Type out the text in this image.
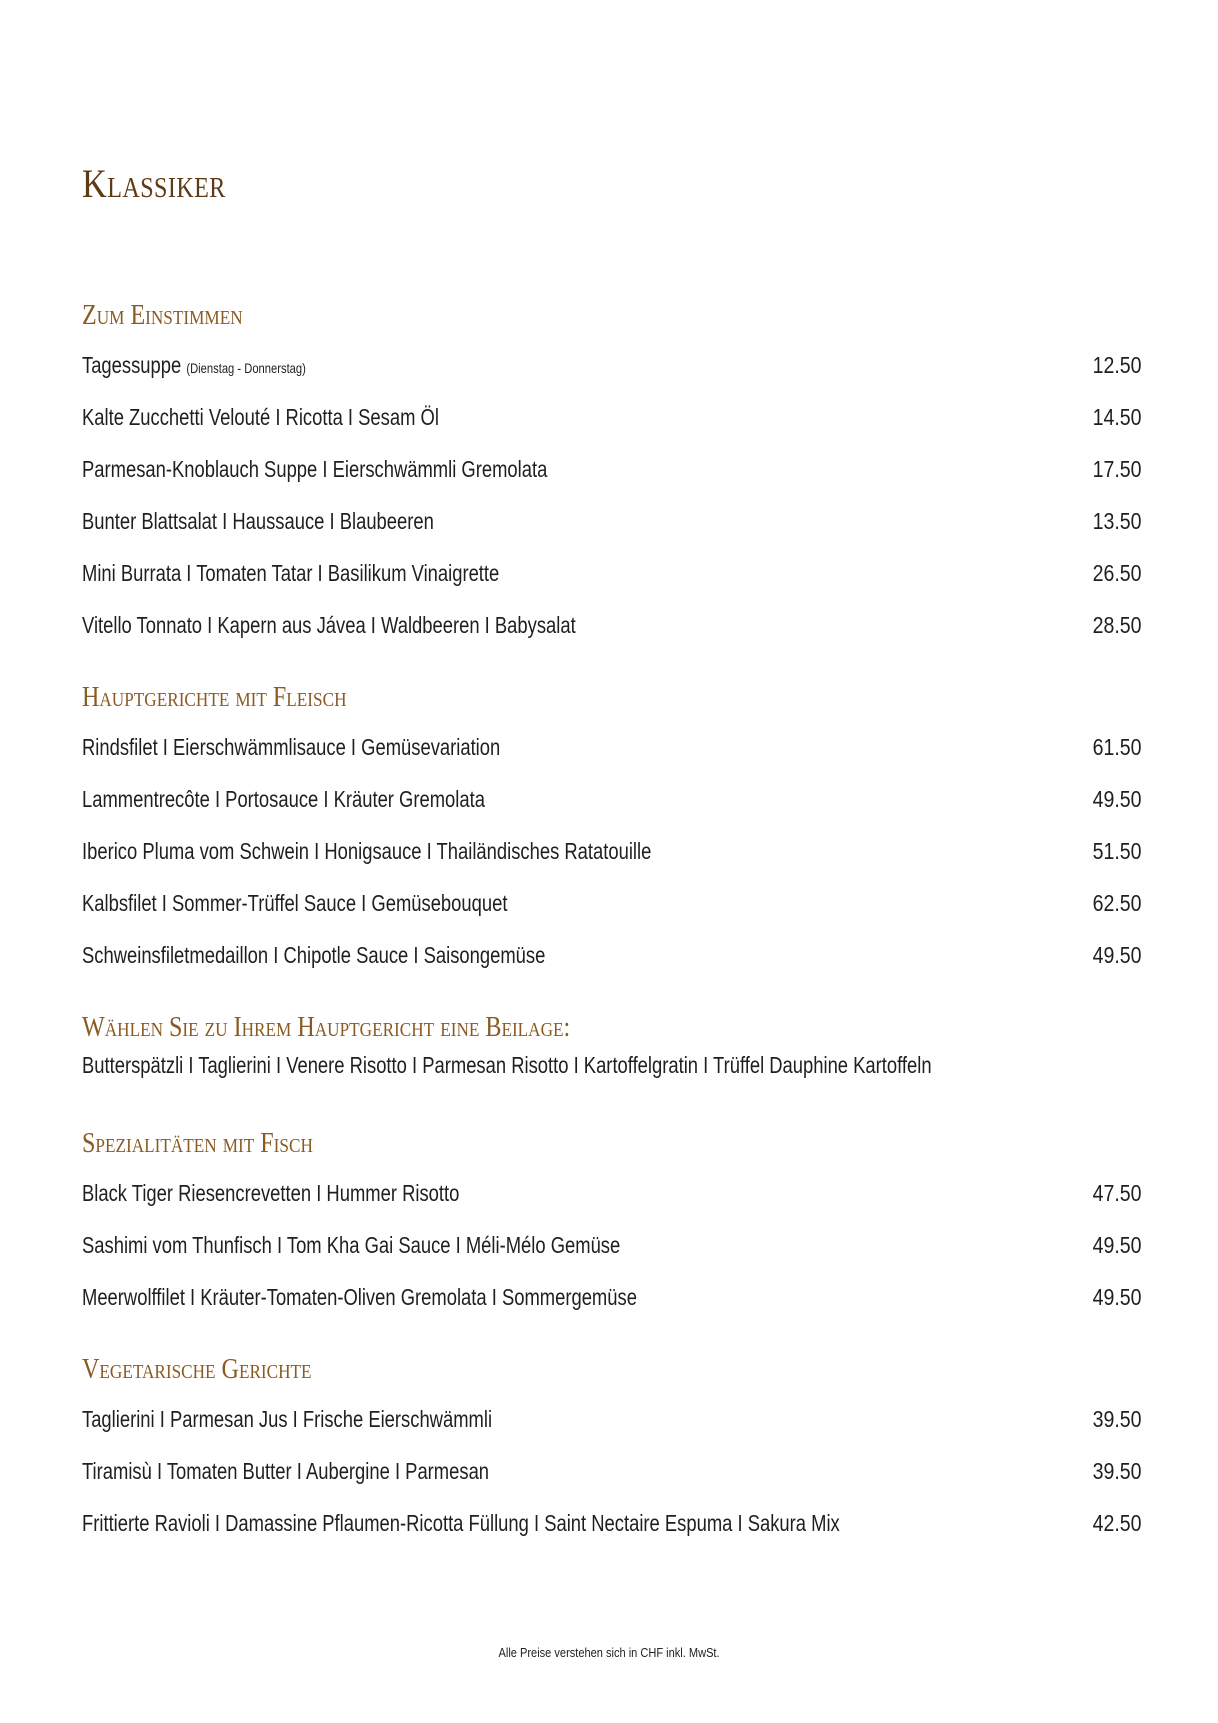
Klassiker
Zum Einstimmen
Tagessuppe (Dienstag - Donnerstag)	12.50
Kalte Zucchetti Velouté I Ricotta I Sesam Öl	14.50
Parmesan-Knoblauch Suppe I Eierschwämmli Gremolata	17.50
Bunter Blattsalat I Haussauce I Blaubeeren	13.50
Mini Burrata I Tomaten Tatar I Basilikum Vinaigrette	26.50
Vitello Tonnato I Kapern aus Jávea I Waldbeeren I Babysalat	28.50
Hauptgerichte mit Fleisch
Rindsfilet I Eierschwämmlisauce I Gemüsevariation	61.50
Lammentrecôte I Portosauce I Kräuter Gremolata	49.50
Iberico Pluma vom Schwein I Honigsauce I Thailändisches Ratatouille	51.50
Kalbsfilet I Sommer-Trüffel Sauce I Gemüsebouquet	62.50
Schweinsfiletmedaillon I Chipotle Sauce I Saisongemüse	49.50
Wählen Sie zu Ihrem Hauptgericht eine Beilage:
Butterspätzli I Taglierini I Venere Risotto I Parmesan Risotto I Kartoffelgratin I Trüffel Dauphine Kartoffeln
Spezialitäten mit Fisch
Black Tiger Riesencrevetten I Hummer Risotto	47.50
Sashimi vom Thunfisch I Tom Kha Gai Sauce I Méli-Mélo Gemüse	49.50
Meerwolffilet I Kräuter-Tomaten-Oliven Gremolata I Sommergemüse	49.50
Vegetarische Gerichte
Taglierini I Parmesan Jus I Frische Eierschwämmli	39.50
Tiramisù I Tomaten Butter I Aubergine I Parmesan	39.50
Frittierte Ravioli I Damassine Pflaumen-Ricotta Füllung I Saint Nectaire Espuma I Sakura Mix	42.50
Alle Preise verstehen sich in CHF inkl. MwSt.
